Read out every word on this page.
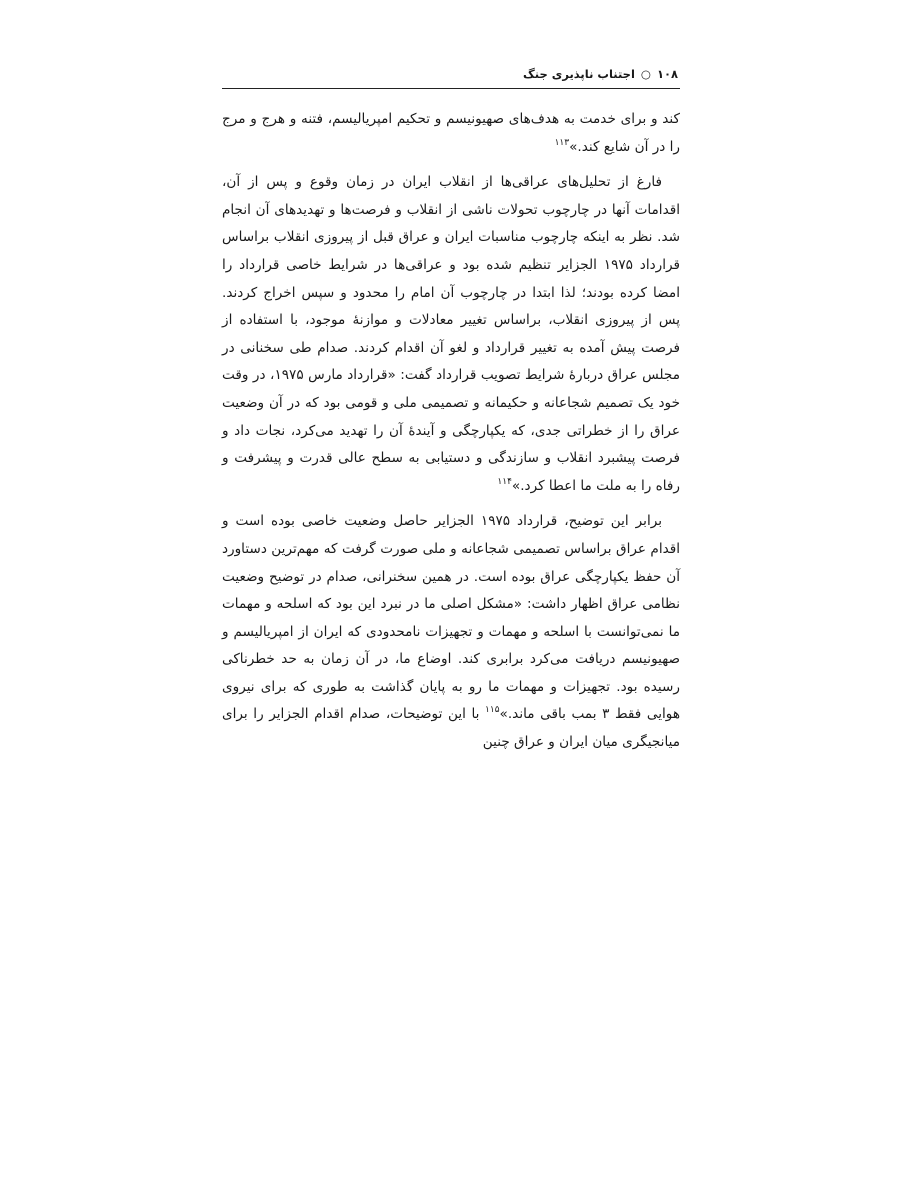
۱۰۸○اجتناب ناپذیری جنگ

کند و برای خدمت به هدف‌های صهیونیسم و تحکیم امپریالیسم، فتنه و هرج و مرج را در آن شایع کند.»$^{۱۱۳}$

فارغ از تحلیل‌های عراقی‌ها از انقلاب ایران در زمان وقوع و پس از آن، اقدامات آنها در چارچوب تحولات ناشی از انقلاب و فرصت‌ها و تهدیدهای آن انجام شد. نظر به اینکه چارچوب مناسبات ایران و عراق قبل از پیروزی انقلاب براساس قرارداد ۱۹۷۵ الجزایر تنظیم شده بود و عراقی‌ها در شرایط خاصی قرارداد را امضا کرده بودند؛ لذا ابتدا در چارچوب آن امام را محدود و سپس اخراج کردند. پس از پیروزی انقلاب، براساس تغییر معادلات و موازنهٔ موجود، با استفاده از فرصت پیش آمده به تغییر قرارداد و لغو آن اقدام کردند. صدام طی سخنانی در مجلس عراق دربارهٔ شرایط تصویب قرارداد گفت: «قرارداد مارس ۱۹۷۵، در وقت خود یک تصمیم شجاعانه و حکیمانه و تصمیمی ملی و قومی بود که در آن وضعیت عراق را از خطراتی جدی، که یکپارچگی و آیندهٔ آن را تهدید می‌کرد، نجات داد و فرصت پیشبرد انقلاب و سازندگی و دستیابی به سطح عالی قدرت و پیشرفت و رفاه را به ملت ما اعطا کرد.»$^{۱۱۴}$

برابر این توضیح، قرارداد ۱۹۷۵ الجزایر حاصل وضعیت خاصی بوده است و اقدام عراق براساس تصمیمی شجاعانه و ملی صورت گرفت که مهم‌ترین دستاورد آن حفظ یکپارچگی عراق بوده است. در همین سخنرانی، صدام در توضیح وضعیت نظامی عراق اظهار داشت: «مشکل اصلی ما در نبرد این بود که اسلحه و مهمات ما نمی‌توانست با اسلحه و مهمات و تجهیزات نامحدودی که ایران از امپریالیسم و صهیونیسم دریافت می‌کرد برابری کند. اوضاع ما، در آن زمان به حد خطرناکی رسیده بود. تجهیزات و مهمات ما رو به پایان گذاشت به طوری که برای نیروی هوایی فقط ۳ بمب باقی ماند.»$^{۱۱۵}$ با این توضیحات، صدام اقدام الجزایر را برای میانجیگری میان ایران و عراق چنین
